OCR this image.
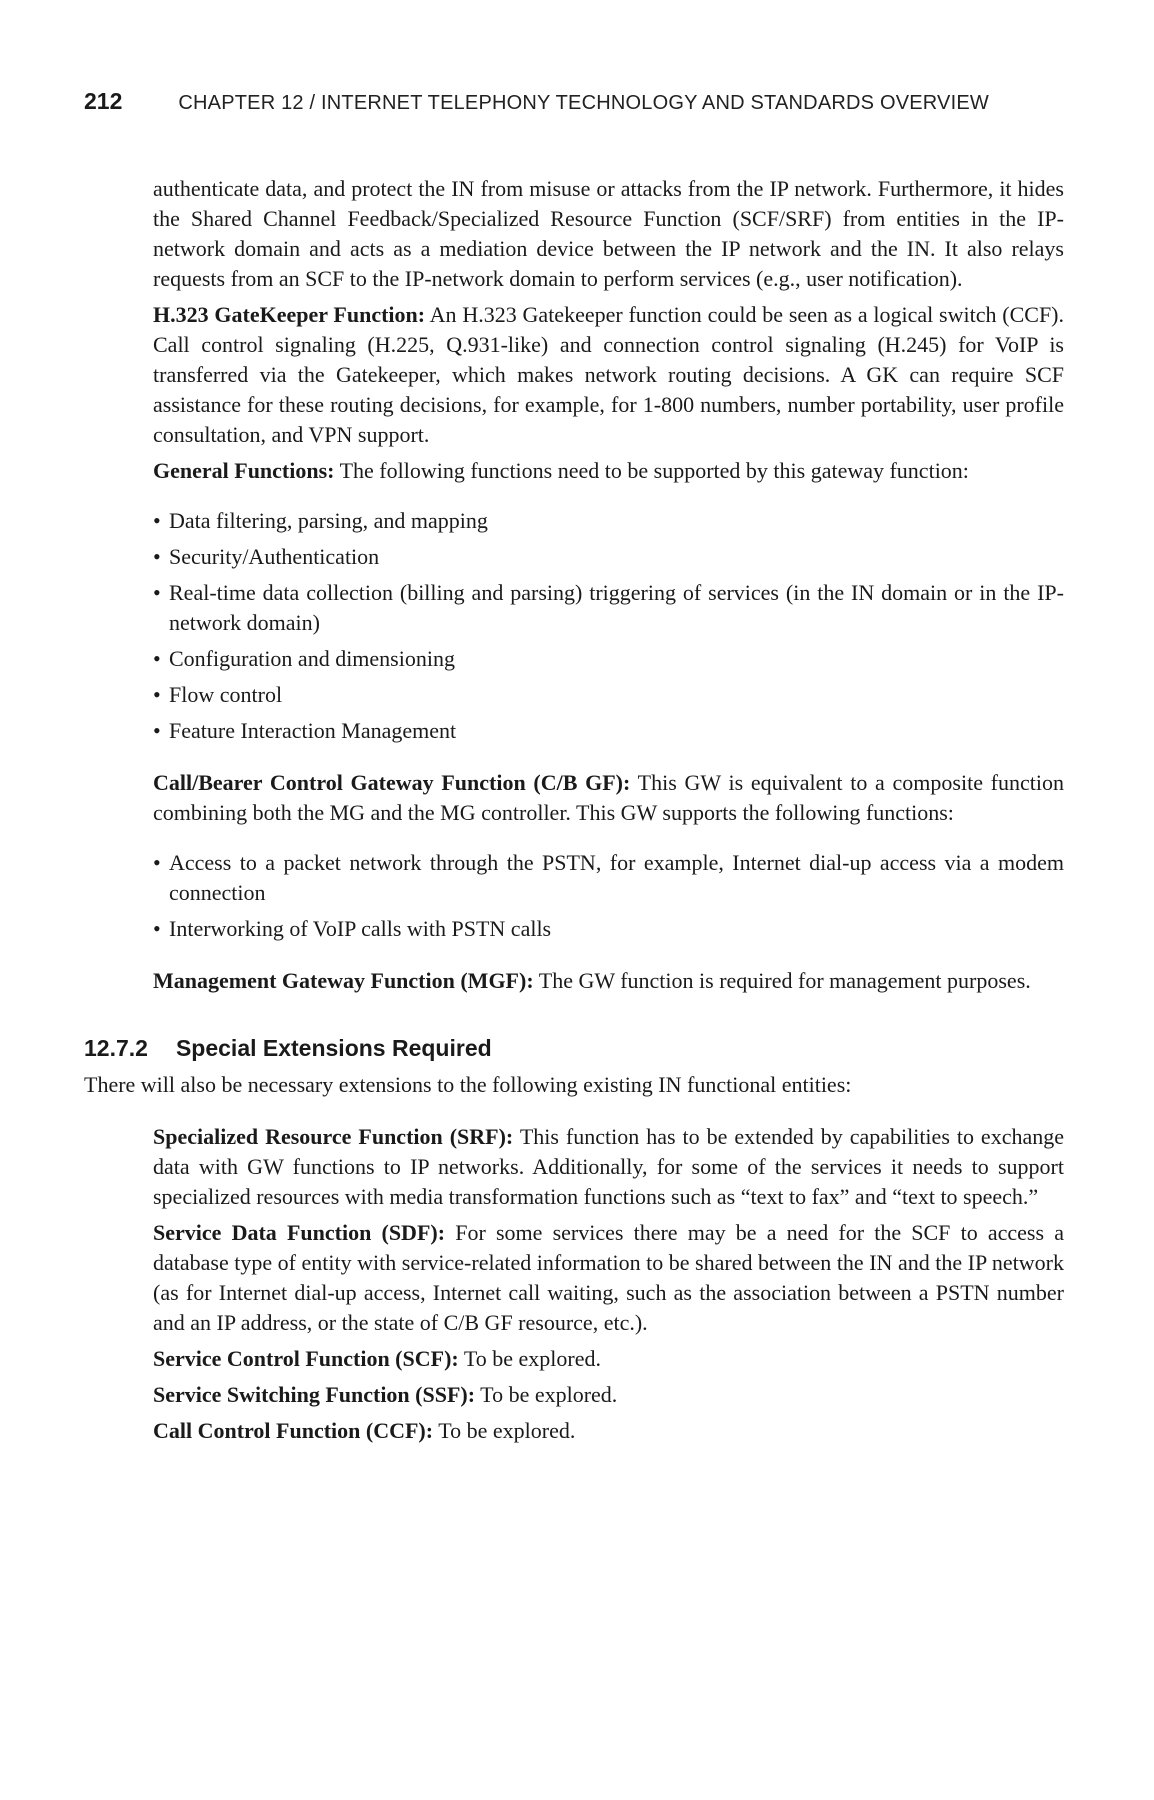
212	CHAPTER 12 / INTERNET TELEPHONY TECHNOLOGY AND STANDARDS OVERVIEW

authenticate data, and protect the IN from misuse or attacks from the IP network. Furthermore, it hides the Shared Channel Feedback/Specialized Resource Function (SCF/SRF) from entities in the IP-network domain and acts as a mediation device between the IP network and the IN. It also relays requests from an SCF to the IP-network domain to perform services (e.g., user notification).

H.323 GateKeeper Function: An H.323 Gatekeeper function could be seen as a logical switch (CCF). Call control signaling (H.225, Q.931-like) and connection control signaling (H.245) for VoIP is transferred via the Gatekeeper, which makes network routing decisions. A GK can require SCF assistance for these routing decisions, for example, for 1-800 numbers, number portability, user profile consultation, and VPN support.

General Functions: The following functions need to be supported by this gateway function:

• Data filtering, parsing, and mapping
• Security/Authentication
• Real-time data collection (billing and parsing) triggering of services (in the IN domain or in the IP-network domain)
• Configuration and dimensioning
• Flow control
• Feature Interaction Management

Call/Bearer Control Gateway Function (C/B GF): This GW is equivalent to a composite function combining both the MG and the MG controller. This GW supports the following functions:

• Access to a packet network through the PSTN, for example, Internet dial-up access via a modem connection
• Interworking of VoIP calls with PSTN calls

Management Gateway Function (MGF): The GW function is required for management purposes.

12.7.2 Special Extensions Required

There will also be necessary extensions to the following existing IN functional entities:

Specialized Resource Function (SRF): This function has to be extended by capabilities to exchange data with GW functions to IP networks. Additionally, for some of the services it needs to support specialized resources with media transformation functions such as “text to fax” and “text to speech.”

Service Data Function (SDF): For some services there may be a need for the SCF to access a database type of entity with service-related information to be shared between the IN and the IP network (as for Internet dial-up access, Internet call waiting, such as the association between a PSTN number and an IP address, or the state of C/B GF resource, etc.).

Service Control Function (SCF): To be explored.

Service Switching Function (SSF): To be explored.

Call Control Function (CCF): To be explored.
